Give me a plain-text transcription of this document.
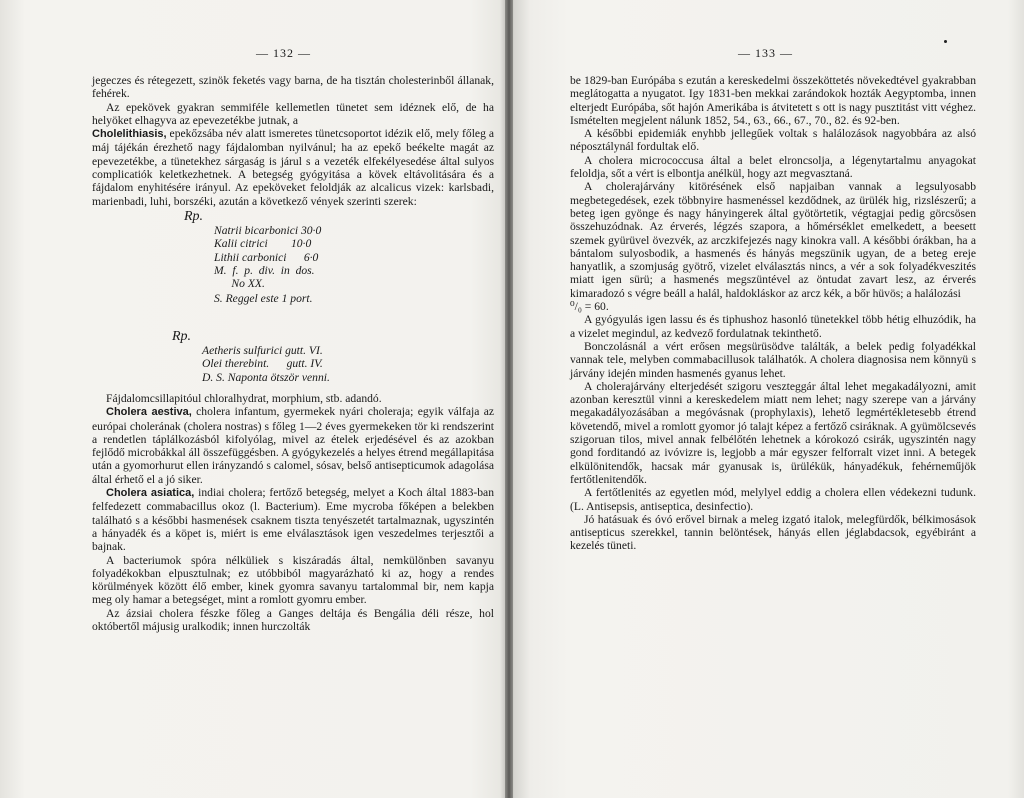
— 132 —

jegeczes és rétegezett, szinök feketés vagy barna, de ha tisztán cholesterinből állanak, fehérek.

Az epekövek gyakran semmiféle kellemetlen tünetet sem idéznek elő, de ha helyöket elhagyva az epevezetékbe jutnak, a
Cholelithiasis, epekőzsába név alatt ismeretes tünetcsoportot idézik elő, mely főleg a máj tájékán érezhető nagy fájdalomban nyilvánul; ha az epekő beékelte magát az epevezetékbe, a tünetekhez sárgaság is járul s a vezeték elfekélyesedése által sulyos complicatiók keletkezhetnek. A betegség gyógyitása a kövek eltávolitására és a fájdalom enyhitésére irányul. Az epeköveket feloldják az alcalicus vizek: karlsbadi, marienbadi, luhi, borszéki, azután a következő vények szerinti szerek:

Rp.
Natrii bicarbonici 30·0
Kalii citrici        10·0
Lithii carbonici      6·0
M.  f.  p.  div.  in  dos.
No XX.
S. Reggel este 1 port.
Rp.
Aetheris sulfurici gutt. VI.
Olei therebint.      gutt. IV.
D. S. Naponta ötször venni.

Fájdalomcsillapitóul chloralhydrat, morphium, stb. adandó.

Cholera aestiva, cholera infantum, gyermekek nyári choleraja; egyik válfaja az európai cholerának (cholera nostras) s főleg 1—2 éves gyermekeken tör ki rendszerint a rendetlen táplálkozásból kifolyólag, mivel az ételek erjedésével és az azokban fejlődő microbákkal áll összefüggésben. A gyógykezelés a helyes étrend megállapitása után a gyomorhurut ellen irányzandó s calomel, sósav, belső antisepticumok adagolása által érhető el a jó siker.

Cholera asiatica, indiai cholera; fertőző betegség, melyet a Koch által 1883-ban felfedezett commabacillus okoz (l. Bacterium). Eme mycroba főképen a belekben található s a későbbi hasmenések csaknem tiszta tenyészetét tartalmaznak, ugyszintén a hányadék és a köpet is, miért is eme elválasztások igen veszedelmes terjesztői a bajnak.

A bacteriumok spóra nélküliek s kiszáradás által, nemkülönben savanyu folyadékokban elpusztulnak; ez utóbbiból magyarázható ki az, hogy a rendes körülmények között élő ember, kinek gyomra savanyu tartalommal bir, nem kapja meg oly hamar a betegséget, mint a romlott gyomru ember.

Az ázsiai cholera fészke főleg a Ganges deltája és Bengália déli része, hol októbertől májusig uralkodik; innen hurczolták

— 133 —

be 1829-ban Európába s ezután a kereskedelmi összeköttetés növekedtével gyakrabban meglátogatta a nyugatot. Igy 1831-ben mekkai zarándokok hozták Aegyptomba, innen elterjedt Európába, sőt hajón Amerikába is átvitetett s ott is nagy pusztitást vitt véghez. Ismételten megjelent nálunk 1852, 54., 63., 66., 67., 70., 82. és 92-ben.

A későbbi epidemiák enyhbb jellegűek voltak s halálozások nagyobbára az alsó néposztálynál fordultak elő.

A cholera micrococcusa által a belet elroncsolja, a légenytartalmu anyagokat feloldja, sőt a vért is elbontja anélkül, hogy azt megvasztaná.

A cholerajárvány kitörésének első napjaiban vannak a legsulyosabb megbetegedések, ezek többnyire hasmenéssel kezdődnek, az ürülék hig, rizslészerű; a beteg igen gyönge és nagy hányingerek által gyötörtetik, végtagjai pedig görcsösen összehuzódnak. Az érverés, légzés szapora, a hőmérséklet emelkedett, a beesett szemek gyürüvel övezvék, az arczkifejezés nagy kinokra vall. A későbbi órákban, ha a bántalom sulyosbodik, a hasmenés és hányás megszünik ugyan, de a beteg ereje hanyatlik, a szomjuság gyötrő, vizelet elválasztás nincs, a vér a sok folyadékveszités miatt igen sürü; a hasmenés megszüntével az öntudat zavart lesz, az érverés kimaradozó s végre beáll a halál, haldokláskor az arcz kék, a bőr hüvös; a halálozási

⁰/₀ = 60.

A gyógyulás igen lassu és és tiphushoz hasonló tünetekkel több hétig elhuzódik, ha a vizelet megindul, az kedvező fordulatnak tekinthető.

Bonczolásnál a vért erősen megsürüsödve találták, a belek pedig folyadékkal vannak tele, melyben commabacillusok találhatók. A cholera diagnosisa nem könnyü s járvány idején minden hasmenés gyanus lehet.

A cholerajárvány elterjedését szigoru veszteggár által lehet megakadályozni, amit azonban keresztül vinni a kereskedelem miatt nem lehet; nagy szerepe van a járvány megakadályozásában a megóvásnak (prophylaxis), lehető legmértékletesebb étrend követendő, mivel a romlott gyomor jó talajt képez a fertőző csiráknak. A gyümölcsevés szigoruan tilos, mivel annak felbélőtén lehetnek a kórokozó csirák, ugyszintén nagy gond forditandó az ivóvizre is, legjobb a már egyszer felforralt vizet inni. A betegek elkülönitendők, hacsak már gyanusak is, ürülékük, hányadékuk, fehérneműjök fertőtlenitendők.

A fertőtlenités az egyetlen mód, melylyel eddig a cholera ellen védekezni tudunk. (L. Antisepsis, antiseptica, desinfectio).

Jó hatásuak és óvó erővel birnak a meleg izgató italok, melegfürdők, bélkimosások antisepticus szerekkel, tannin belöntések, hányás ellen jéglabdacsok, egyébiránt a kezelés tüneti.
